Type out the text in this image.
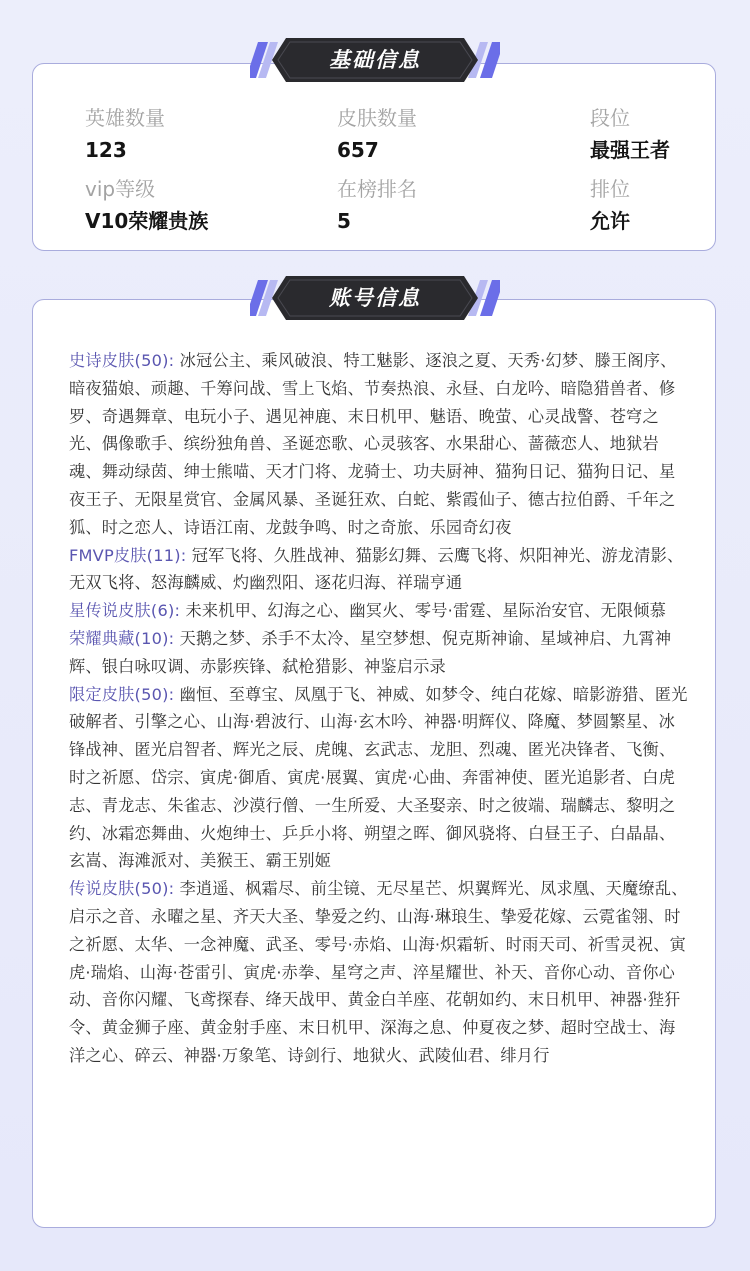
英雄数量
123
皮肤数量
657
段位
最强王者
vip等级
V10荣耀贵族
在榜排名
5
排位
允许
基础信息

史诗皮肤(50): 冰冠公主、乘风破浪、特工魅影、逐浪之夏、天秀·幻梦、滕王阁序、暗夜猫娘、顽趣、千筹问战、雪上飞焰、节奏热浪、永昼、白龙吟、暗隐猎兽者、修罗、奇遇舞章、电玩小子、遇见神鹿、末日机甲、魅语、晚萤、心灵战警、苍穹之光、偶像歌手、缤纷独角兽、圣诞恋歌、心灵骇客、水果甜心、蔷薇恋人、地狱岩魂、舞动绿茵、绅士熊喵、天才门将、龙骑士、功夫厨神、猫狗日记、猫狗日记、星夜王子、无限星赏官、金属风暴、圣诞狂欢、白蛇、紫霞仙子、德古拉伯爵、千年之狐、时之恋人、诗语江南、龙鼓争鸣、时之奇旅、乐园奇幻夜

FMVP皮肤(11): 冠军飞将、久胜战神、猫影幻舞、云鹰飞将、炽阳神光、游龙清影、无双飞将、怒海麟威、灼幽烈阳、逐花归海、祥瑞亨通

星传说皮肤(6): 未来机甲、幻海之心、幽冥火、零号·雷霆、星际治安官、无限倾慕

荣耀典藏(10): 天鹅之梦、杀手不太冷、星空梦想、倪克斯神谕、星域神启、九霄神辉、银白咏叹调、赤影疾锋、弑枪猎影、神鉴启示录

限定皮肤(50): 幽恒、至尊宝、凤凰于飞、神威、如梦令、纯白花嫁、暗影游猎、匿光破解者、引擎之心、山海·碧波行、山海·玄木吟、神器·明辉仪、降魔、梦圆繁星、冰锋战神、匿光启智者、辉光之辰、虎魄、玄武志、龙胆、烈魂、匿光决锋者、飞衡、时之祈愿、岱宗、寅虎·御盾、寅虎·展翼、寅虎·心曲、奔雷神使、匿光追影者、白虎志、青龙志、朱雀志、沙漠行僧、一生所爱、大圣娶亲、时之彼端、瑞麟志、黎明之约、冰霜恋舞曲、火炮绅士、乒乒小将、朔望之晖、御风骁将、白昼王子、白晶晶、玄嵩、海滩派对、美猴王、霸王别姬

传说皮肤(50): 李逍遥、枫霜尽、前尘镜、无尽星芒、炽翼辉光、凤求凰、天魔缭乱、启示之音、永曜之星、齐天大圣、挚爱之约、山海·琳琅生、挚爱花嫁、云霓雀翎、时之祈愿、太华、一念神魔、武圣、零号·赤焰、山海·炽霜斩、时雨天司、祈雪灵祝、寅虎·瑞焰、山海·苍雷引、寅虎·赤拳、星穹之声、淬星耀世、补天、音你心动、音你心动、音你闪耀、飞鸢探春、绛天战甲、黄金白羊座、花朝如约、末日机甲、神器·狴犴令、黄金狮子座、黄金射手座、末日机甲、深海之息、仲夏夜之梦、超时空战士、海洋之心、碎云、神器·万象笔、诗剑行、地狱火、武陵仙君、绯月行

账号信息
